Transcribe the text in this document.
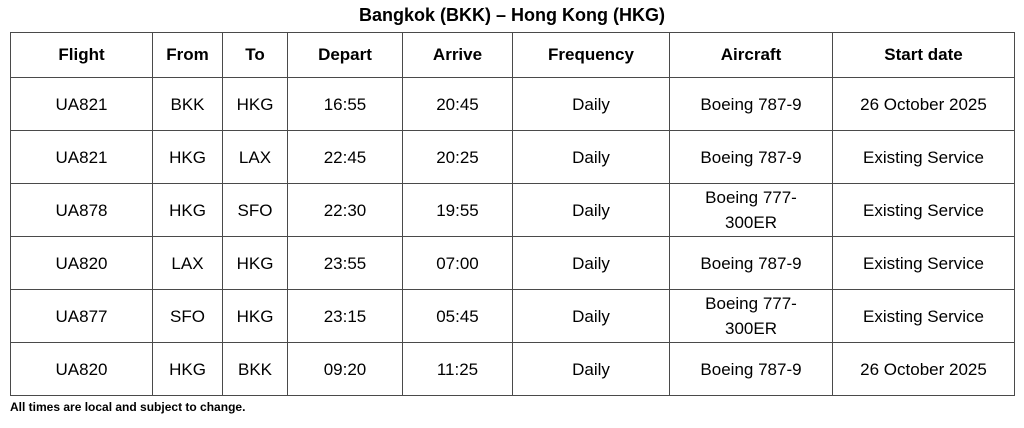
Bangkok (BKK) – Hong Kong (HKG)
Flight	From	To	Depart	Arrive	Frequency	Aircraft	Start date
UA821	BKK	HKG	16:55	20:45	Daily	Boeing 787-9	26 October 2025
UA821	HKG	LAX	22:45	20:25	Daily	Boeing 787-9	Existing Service
UA878	HKG	SFO	22:30	19:55	Daily	Boeing 777-300ER	Existing Service
UA820	LAX	HKG	23:55	07:00	Daily	Boeing 787-9	Existing Service
UA877	SFO	HKG	23:15	05:45	Daily	Boeing 777-300ER	Existing Service
UA820	HKG	BKK	09:20	11:25	Daily	Boeing 787-9	26 October 2025
All times are local and subject to change.
